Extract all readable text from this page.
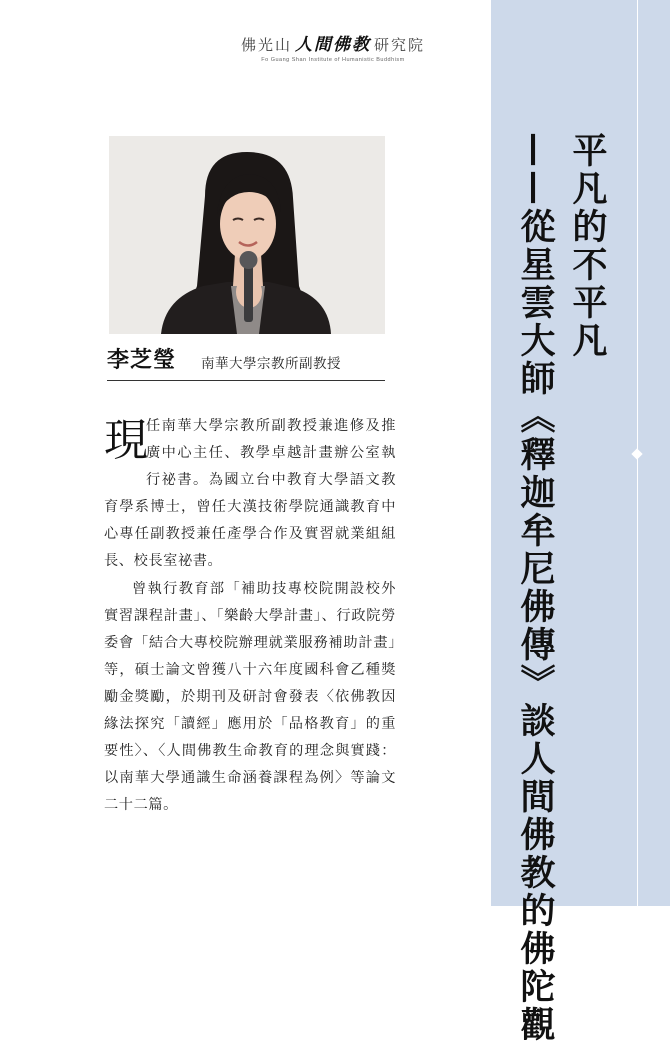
佛光山 人間佛教 研究院
Fo Guang Shan Institute of Humanistic Buddhism
李芝瑩 南華大學宗教所副教授

現
任南華大學宗教所副教授兼進修及推廣中心主任、教學卓越計畫辦公室執行祕書。為國立台中教育大學語文教育學系博士，曾任大漢技術學院通識教育中心專任副教授兼任產學合作及實習就業組組長、校長室祕書。

曾執行教育部「補助技專校院開設校外實習課程計畫」、「樂齡大學計畫」、行政院勞委會「結合大專校院辦理就業服務補助計畫」等，碩士論文曾獲八十六年度國科會乙種獎勵金獎勵，於期刊及研討會發表〈依佛教因緣法探究「讀經」應用於「品格教育」的重要性〉、〈人間佛教生命教育的理念與實踐：以南華大學通識生命涵養課程為例〉等論文二十二篇。

平凡的不平凡
——從星雲大師《釋迦牟尼佛傳》談人間佛教的佛陀觀
